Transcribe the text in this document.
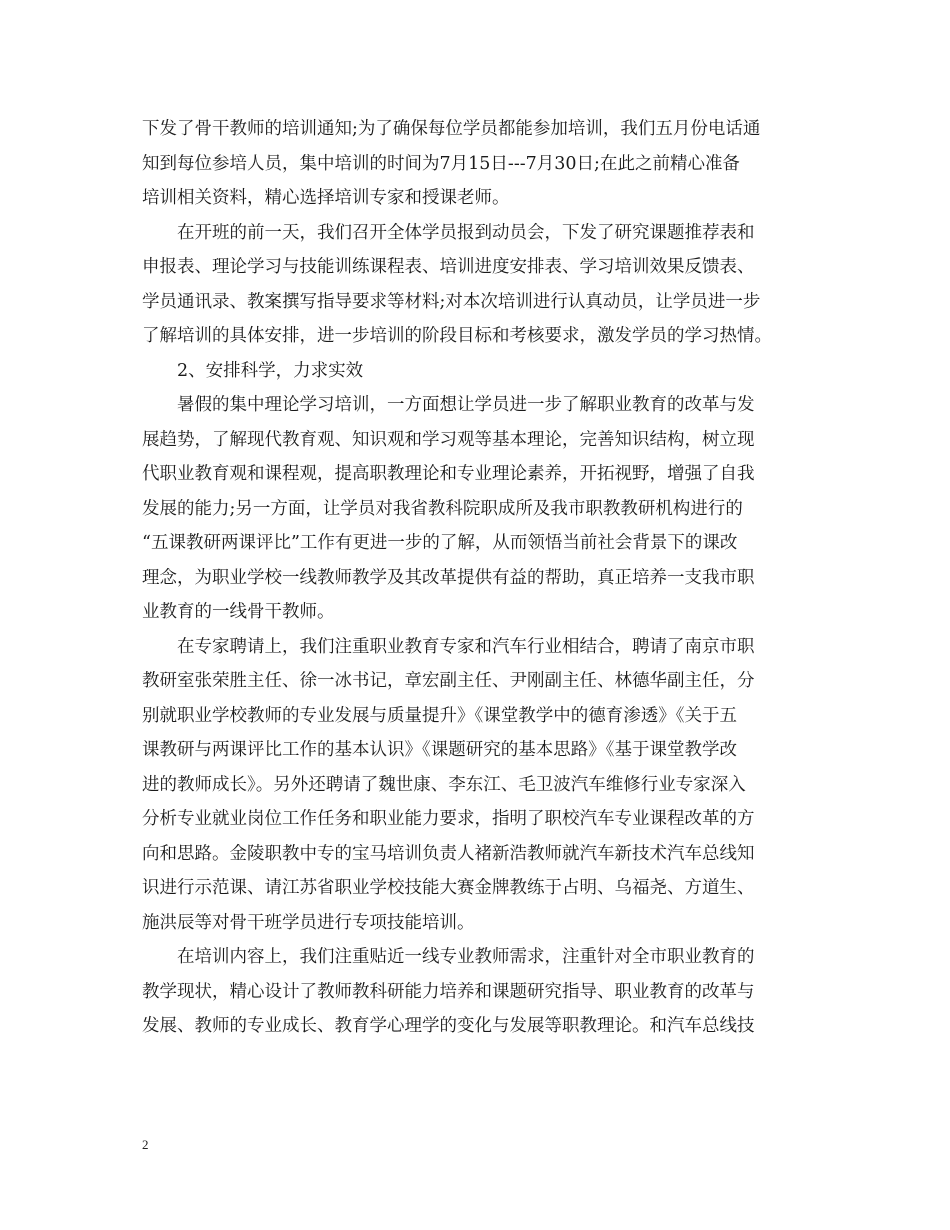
下发了骨干教师的培训通知;为了确保每位学员都能参加培训，我们五月份电话通
知到每位参培人员，集中培训的时间为7月15日---7月30日;在此之前精心准备
培训相关资料，精心选择培训专家和授课老师。
在开班的前一天，我们召开全体学员报到动员会，下发了研究课题推荐表和
申报表、理论学习与技能训练课程表、培训进度安排表、学习培训效果反馈表、
学员通讯录、教案撰写指导要求等材料;对本次培训进行认真动员，让学员进一步
了解培训的具体安排，进一步培训的阶段目标和考核要求，激发学员的学习热情。
2、安排科学，力求实效
暑假的集中理论学习培训，一方面想让学员进一步了解职业教育的改革与发
展趋势，了解现代教育观、知识观和学习观等基本理论，完善知识结构，树立现
代职业教育观和课程观，提高职教理论和专业理论素养，开拓视野，增强了自我
发展的能力;另一方面，让学员对我省教科院职成所及我市职教教研机构进行的
“五课教研两课评比”工作有更进一步的了解，从而领悟当前社会背景下的课改
理念，为职业学校一线教师教学及其改革提供有益的帮助，真正培养一支我市职
业教育的一线骨干教师。
在专家聘请上，我们注重职业教育专家和汽车行业相结合，聘请了南京市职
教研室张荣胜主任、徐一冰书记，章宏副主任、尹刚副主任、林德华副主任，分
别就职业学校教师的专业发展与质量提升》《课堂教学中的德育渗透》《关于五
课教研与两课评比工作的基本认识》《课题研究的基本思路》《基于课堂教学改
进的教师成长》。另外还聘请了魏世康、李东江、毛卫波汽车维修行业专家深入
分析专业就业岗位工作任务和职业能力要求，指明了职校汽车专业课程改革的方
向和思路。金陵职教中专的宝马培训负责人褚新浩教师就汽车新技术汽车总线知
识进行示范课、请江苏省职业学校技能大赛金牌教练于占明、乌福尧、方道生、
施洪辰等对骨干班学员进行专项技能培训。
在培训内容上，我们注重贴近一线专业教师需求，注重针对全市职业教育的
教学现状，精心设计了教师教科研能力培养和课题研究指导、职业教育的改革与
发展、教师的专业成长、教育学心理学的变化与发展等职教理论。和汽车总线技
2
